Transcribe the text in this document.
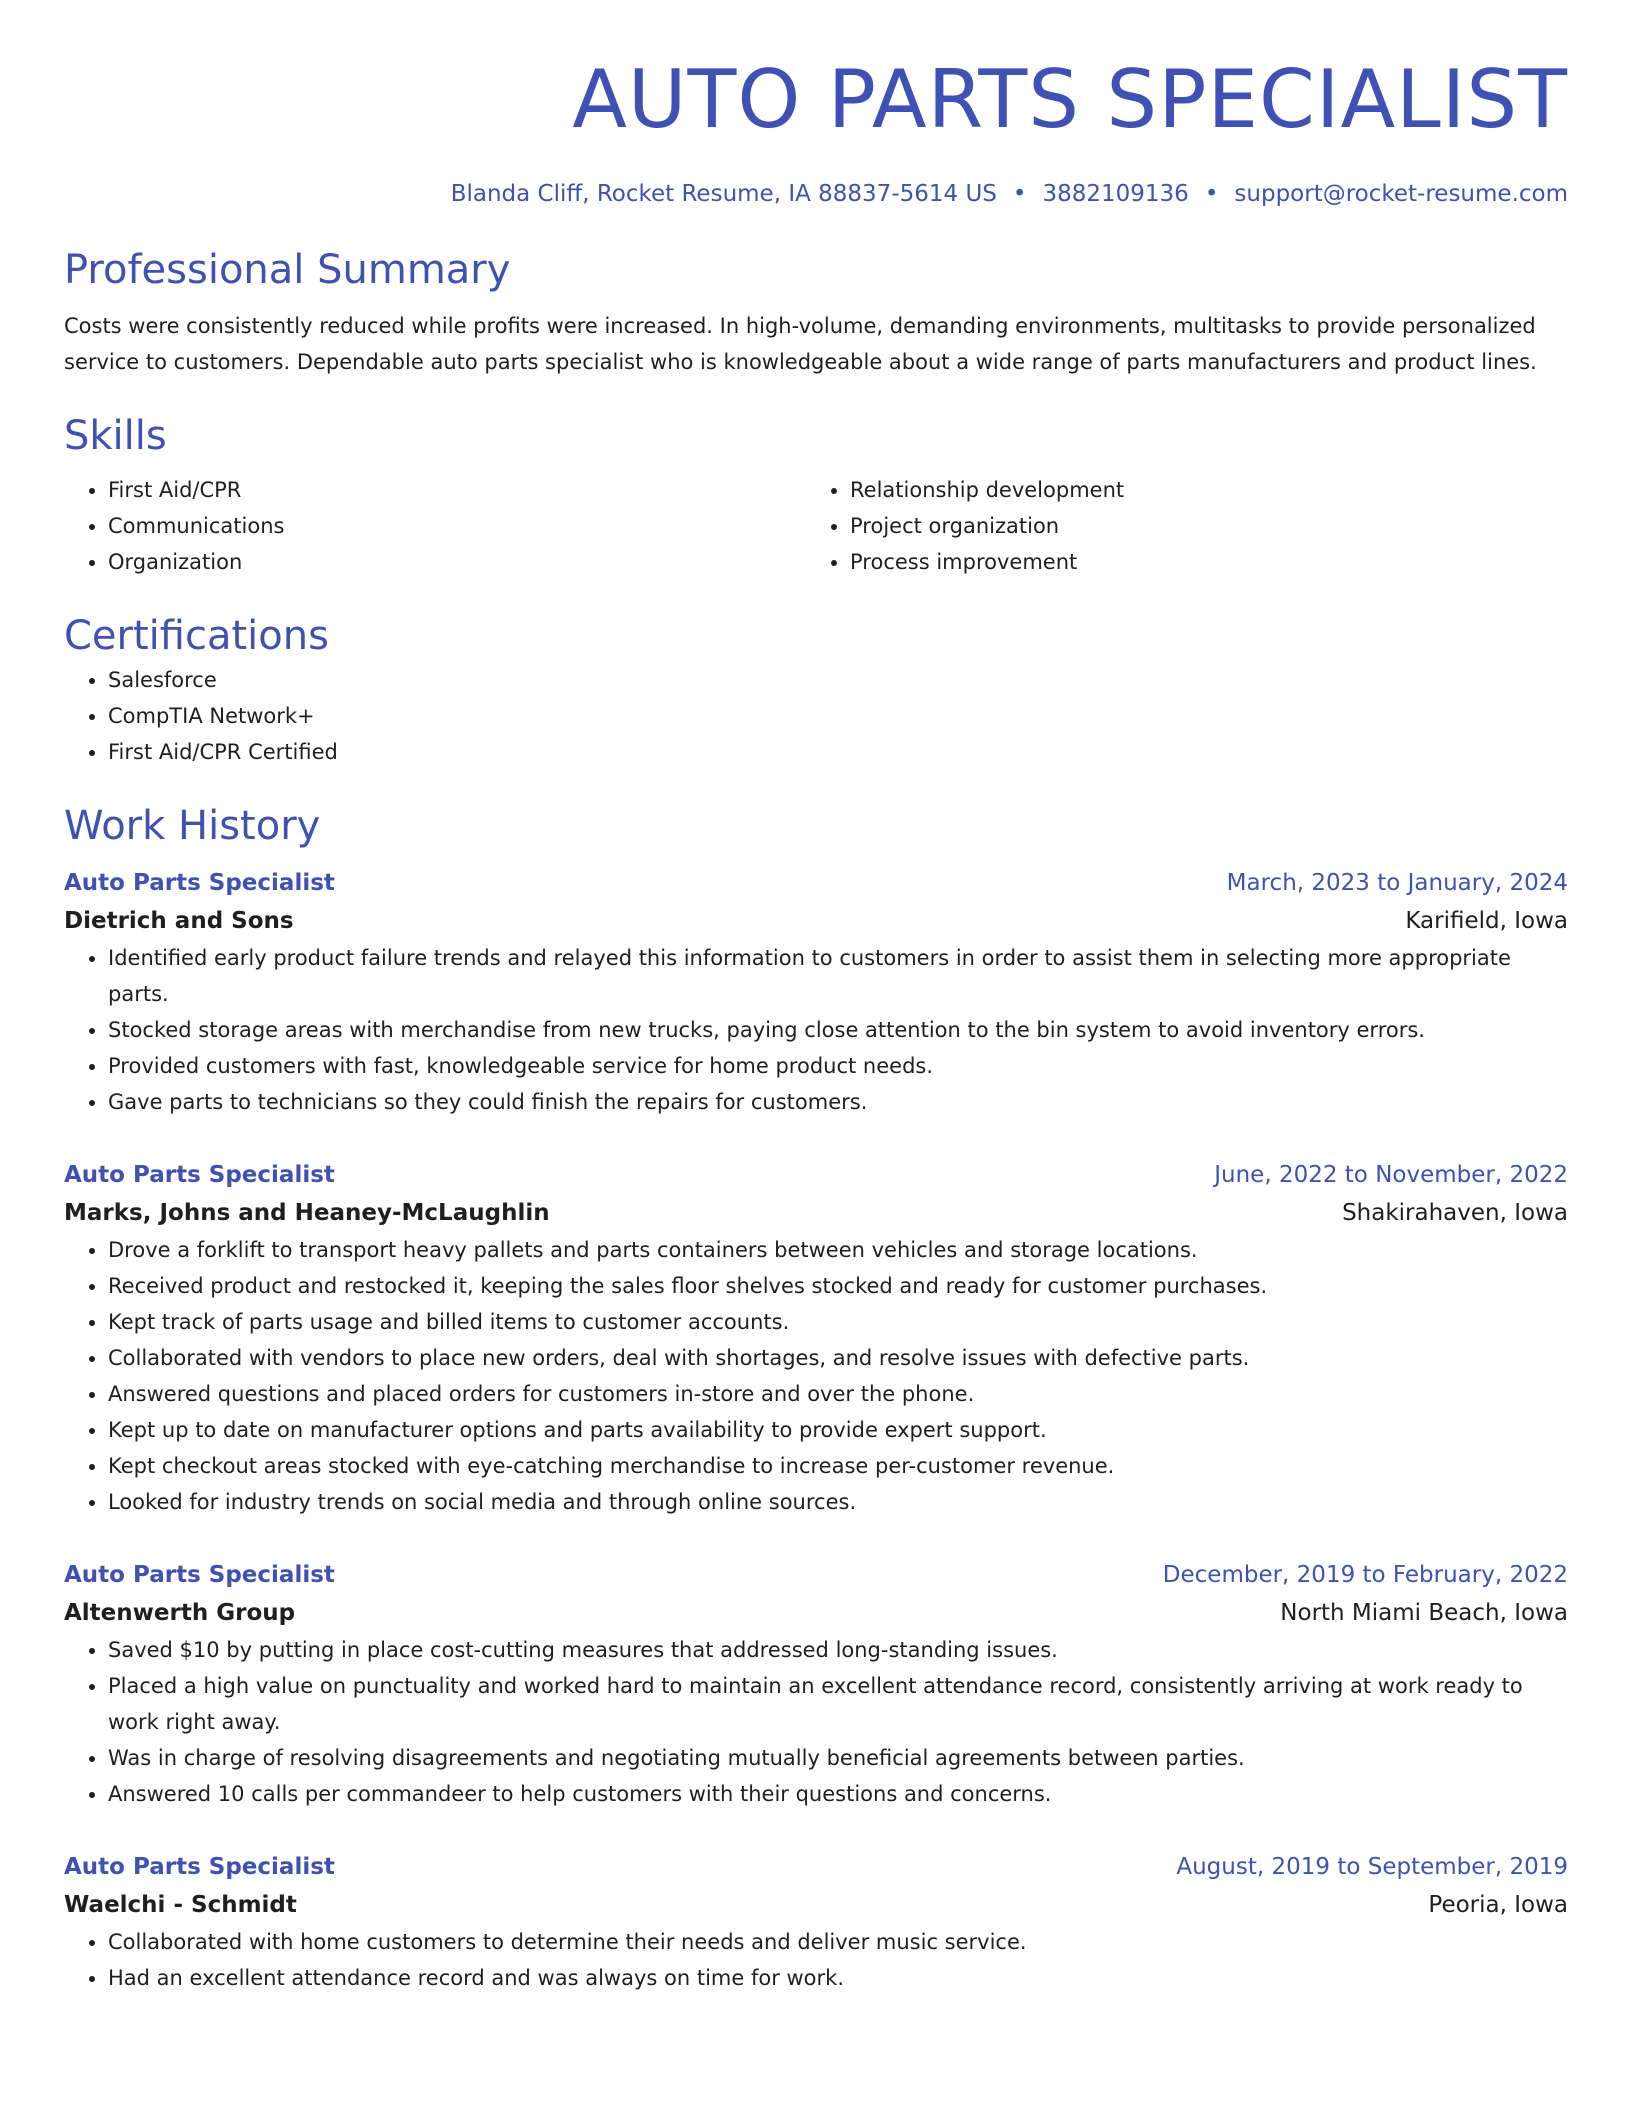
AUTO PARTS SPECIALIST
Blanda Cliff, Rocket Resume, IA 88837-5614 US • 3882109136 • support@rocket-resume.com
Professional Summary
Costs were consistently reduced while profits were increased. In high-volume, demanding environments, multitasks to provide personalized service to customers. Dependable auto parts specialist who is knowledgeable about a wide range of parts manufacturers and product lines.
Skills
• First Aid/CPR
• Communications
• Organization
• Relationship development
• Project organization
• Process improvement
Certifications
• Salesforce
• CompTIA Network+
• First Aid/CPR Certified
Work History
Auto Parts Specialist	March, 2023 to January, 2024
Dietrich and Sons	Karifield, Iowa
• Identified early product failure trends and relayed this information to customers in order to assist them in selecting more appropriate parts.
• Stocked storage areas with merchandise from new trucks, paying close attention to the bin system to avoid inventory errors.
• Provided customers with fast, knowledgeable service for home product needs.
• Gave parts to technicians so they could finish the repairs for customers.
Auto Parts Specialist	June, 2022 to November, 2022
Marks, Johns and Heaney-McLaughlin	Shakirahaven, Iowa
• Drove a forklift to transport heavy pallets and parts containers between vehicles and storage locations.
• Received product and restocked it, keeping the sales floor shelves stocked and ready for customer purchases.
• Kept track of parts usage and billed items to customer accounts.
• Collaborated with vendors to place new orders, deal with shortages, and resolve issues with defective parts.
• Answered questions and placed orders for customers in-store and over the phone.
• Kept up to date on manufacturer options and parts availability to provide expert support.
• Kept checkout areas stocked with eye-catching merchandise to increase per-customer revenue.
• Looked for industry trends on social media and through online sources.
Auto Parts Specialist	December, 2019 to February, 2022
Altenwerth Group	North Miami Beach, Iowa
• Saved $10 by putting in place cost-cutting measures that addressed long-standing issues.
• Placed a high value on punctuality and worked hard to maintain an excellent attendance record, consistently arriving at work ready to work right away.
• Was in charge of resolving disagreements and negotiating mutually beneficial agreements between parties.
• Answered 10 calls per commandeer to help customers with their questions and concerns.
Auto Parts Specialist	August, 2019 to September, 2019
Waelchi - Schmidt	Peoria, Iowa
• Collaborated with home customers to determine their needs and deliver music service.
• Had an excellent attendance record and was always on time for work.
